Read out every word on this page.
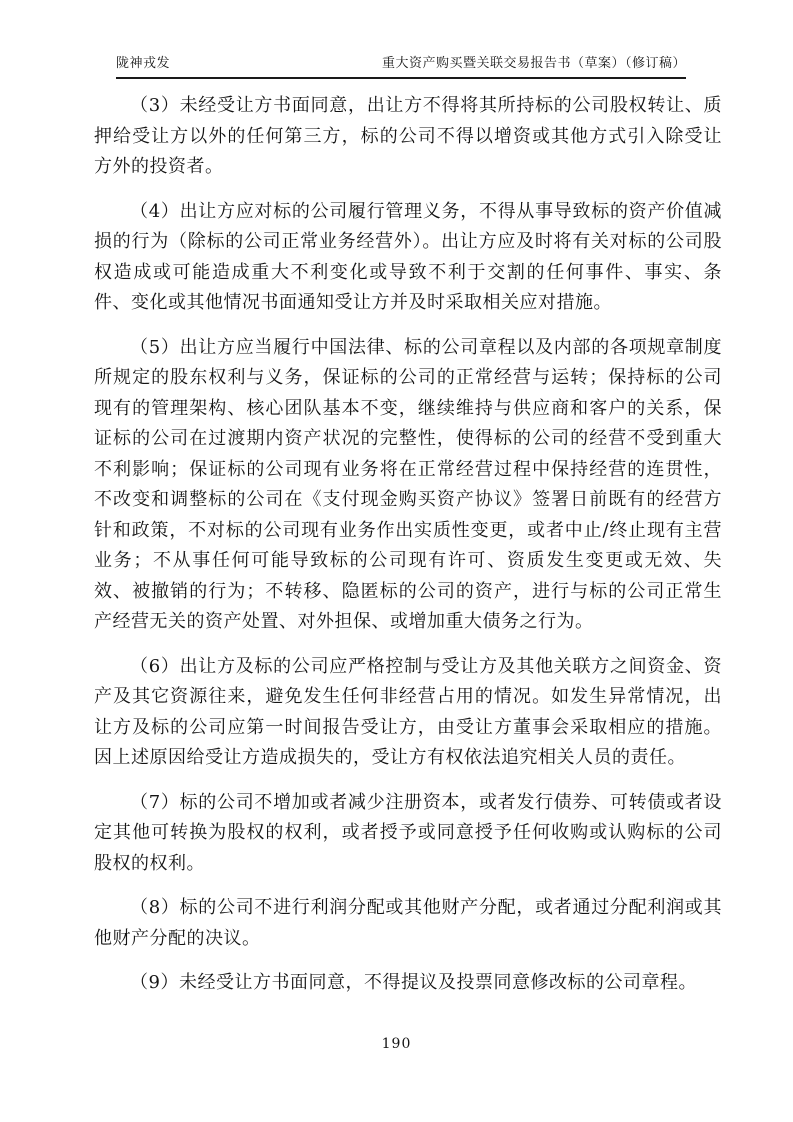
陇神戎发	重大资产购买暨关联交易报告书（草案）（修订稿）

（3）未经受让方书面同意，出让方不得将其所持标的公司股权转让、质押给受让方以外的任何第三方，标的公司不得以增资或其他方式引入除受让方外的投资者。

（4）出让方应对标的公司履行管理义务，不得从事导致标的资产价值减损的行为（除标的公司正常业务经营外）。出让方应及时将有关对标的公司股权造成或可能造成重大不利变化或导致不利于交割的任何事件、事实、条件、变化或其他情况书面通知受让方并及时采取相关应对措施。

（5）出让方应当履行中国法律、标的公司章程以及内部的各项规章制度所规定的股东权利与义务，保证标的公司的正常经营与运转；保持标的公司现有的管理架构、核心团队基本不变，继续维持与供应商和客户的关系，保证标的公司在过渡期内资产状况的完整性，使得标的公司的经营不受到重大不利影响；保证标的公司现有业务将在正常经营过程中保持经营的连贯性，不改变和调整标的公司在《支付现金购买资产协议》签署日前既有的经营方针和政策，不对标的公司现有业务作出实质性变更，或者中止/终止现有主营业务；不从事任何可能导致标的公司现有许可、资质发生变更或无效、失效、被撤销的行为；不转移、隐匿标的公司的资产，进行与标的公司正常生产经营无关的资产处置、对外担保、或增加重大债务之行为。

（6）出让方及标的公司应严格控制与受让方及其他关联方之间资金、资产及其它资源往来，避免发生任何非经营占用的情况。如发生异常情况，出让方及标的公司应第一时间报告受让方，由受让方董事会采取相应的措施。因上述原因给受让方造成损失的，受让方有权依法追究相关人员的责任。

（7）标的公司不增加或者减少注册资本，或者发行债券、可转债或者设定其他可转换为股权的权利，或者授予或同意授予任何收购或认购标的公司股权的权利。

（8）标的公司不进行利润分配或其他财产分配，或者通过分配利润或其他财产分配的决议。

（9）未经受让方书面同意，不得提议及投票同意修改标的公司章程。

190
